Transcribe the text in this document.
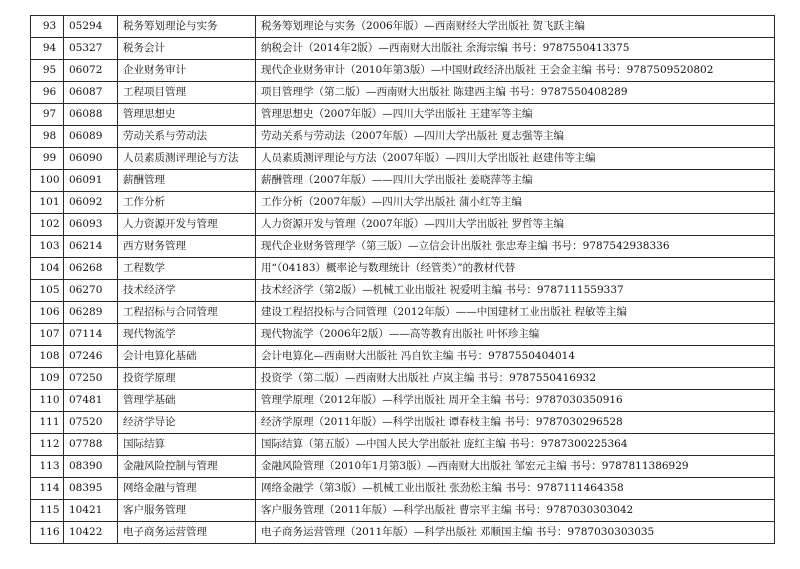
93	05294	税务筹划理论与实务	税务筹划理论与实务（2006年版）—西南财经大学出版社 贺飞跃主编
94	05327	税务会计	纳税会计（2014年2版）—西南财大出版社 余海宗编 书号：9787550413375
95	06072	企业财务审计	现代企业财务审计（2010年第3版）—中国财政经济出版社 王会金主编 书号：9787509520802
96	06087	工程项目管理	项目管理学（第二版）—西南财大出版社 陈建西主编 书号：9787550408289
97	06088	管理思想史	管理思想史（2007年版）—四川大学出版社 王建军等主编
98	06089	劳动关系与劳动法	劳动关系与劳动法（2007年版）—四川大学出版社 夏志强等主编
99	06090	人员素质测评理论与方法	人员素质测评理论与方法（2007年版）—四川大学出版社 赵建伟等主编
100	06091	薪酬管理	薪酬管理（2007年版）——四川大学出版社 姜晓萍等主编
101	06092	工作分析	工作分析（2007年版）—四川大学出版社 蒲小红等主编
102	06093	人力资源开发与管理	人力资源开发与管理（2007年版）—四川大学出版社 罗哲等主编
103	06214	西方财务管理	现代企业财务管理学（第三版）—立信会计出版社 张忠寿主编 书号：9787542938336
104	06268	工程数学	用“（04183）概率论与数理统计（经管类）”的教材代替
105	06270	技术经济学	技术经济学（第2版）—机械工业出版社 祝爱明主编 书号：9787111559337
106	06289	工程招标与合同管理	建设工程招投标与合同管理（2012年版）——中国建材工业出版社 程敏等主编
107	07114	现代物流学	现代物流学（2006年2版）——高等教育出版社 叶怀珍主编
108	07246	会计电算化基础	会计电算化—西南财大出版社 冯自钦主编 书号：9787550404014
109	07250	投资学原理	投资学（第二版）—西南财大出版社 卢岚主编 书号：9787550416932
110	07481	管理学基础	管理学原理（2012年版）—科学出版社 周开全主编 书号：9787030350916
111	07520	经济学导论	经济学原理（2011年版）—科学出版社 谭春枝主编 书号：9787030296528
112	07788	国际结算	国际结算（第五版）—中国人民大学出版社 庞红主编 书号：9787300225364
113	08390	金融风险控制与管理	金融风险管理（2010年1月第3版）—西南财大出版社 邹宏元主编 书号：9787811386929
114	08395	网络金融与管理	网络金融学（第3版）—机械工业出版社 张劲松主编 书号：9787111464358
115	10421	客户服务管理	客户服务管理（2011年版）—科学出版社 曹宗平主编 书号：9787030303042
116	10422	电子商务运营管理	电子商务运营管理（2011年版）—科学出版社 邓顺国主编 书号：9787030303035
